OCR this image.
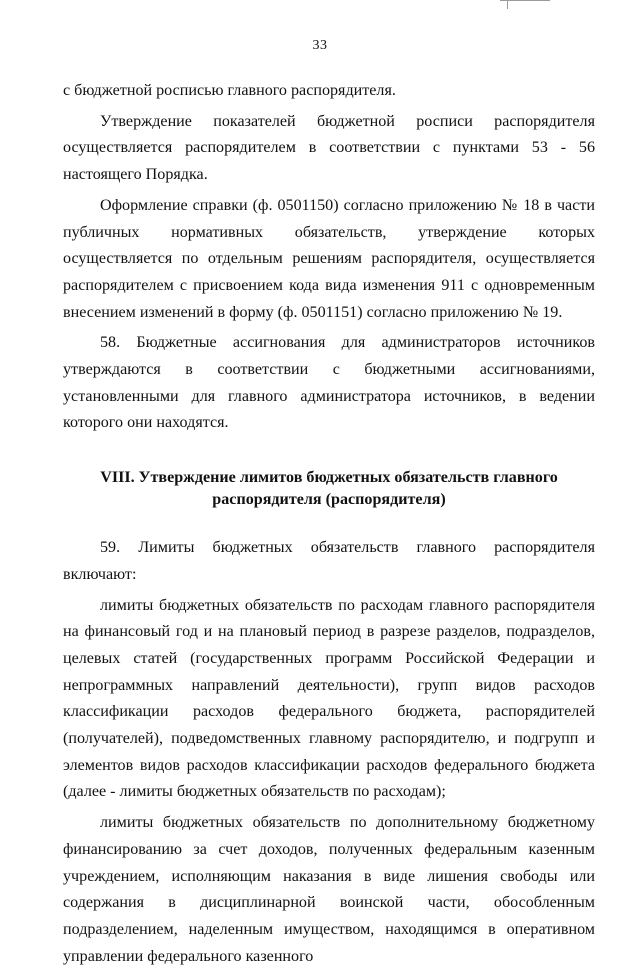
33

с бюджетной росписью главного распорядителя.

Утверждение показателей бюджетной росписи распорядителя осуществляется распорядителем в соответствии с пунктами 53 - 56 настоящего Порядка.

Оформление справки (ф. 0501150) согласно приложению № 18 в части публичных нормативных обязательств, утверждение которых осуществляется по отдельным решениям распорядителя, осуществляется распорядителем с присвоением кода вида изменения 911 с одновременным внесением изменений в форму (ф. 0501151) согласно приложению № 19.

58. Бюджетные ассигнования для администраторов источников утверждаются в соответствии с бюджетными ассигнованиями, установленными для главного администратора источников, в ведении которого они находятся.

VIII. Утверждение лимитов бюджетных обязательств главного распорядителя (распорядителя)

59. Лимиты бюджетных обязательств главного распорядителя включают:

лимиты бюджетных обязательств по расходам главного распорядителя на финансовый год и на плановый период в разрезе разделов, подразделов, целевых статей (государственных программ Российской Федерации и непрограммных направлений деятельности), групп видов расходов классификации расходов федерального бюджета, распорядителей (получателей), подведомственных главному распорядителю, и подгрупп и элементов видов расходов классификации расходов федерального бюджета (далее - лимиты бюджетных обязательств по расходам);

лимиты бюджетных обязательств по дополнительному бюджетному финансированию за счет доходов, полученных федеральным казенным учреждением, исполняющим наказания в виде лишения свободы или содержания в дисциплинарной воинской части, обособленным подразделением, наделенным имуществом, находящимся в оперативном управлении федерального казенного
